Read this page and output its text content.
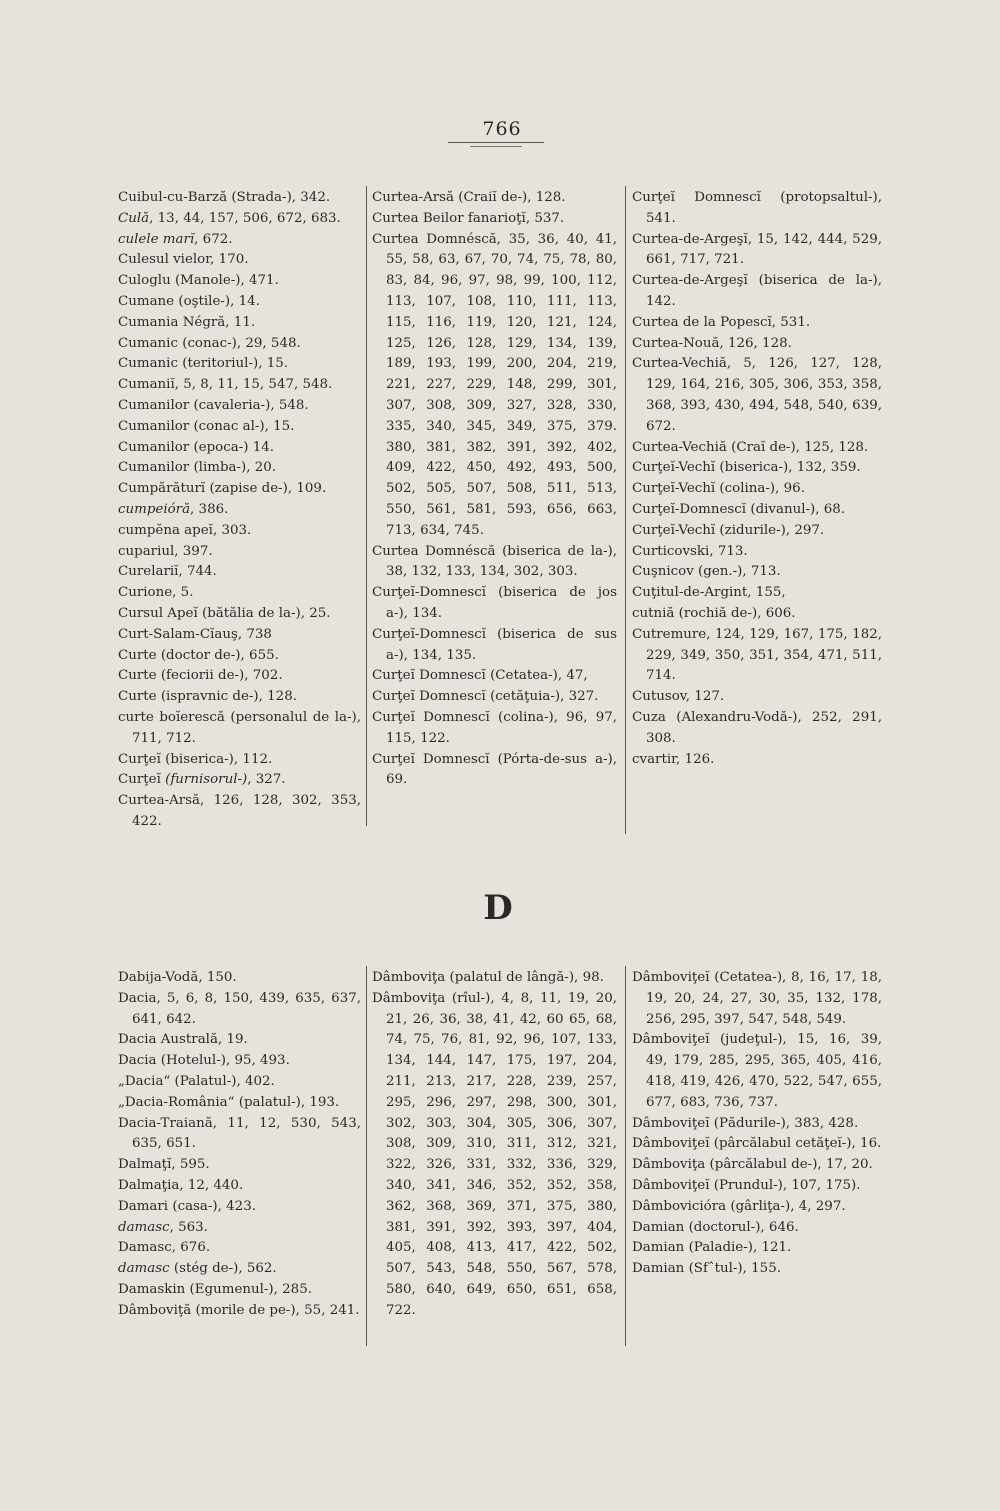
766
Cuibul-cu-Barză (Strada-), 342.
Culă, 13, 44, 157, 506, 672, 683.
culele marĭ, 672.
Culesul vielor, 170.
Culoglu (Manole-), 471.
Cumane (oştile-), 14.
Cumania Négră, 11.
Cumanic (conac-), 29, 548.
Cumanic (teritoriul-), 15.
Cumaniĭ, 5, 8, 11, 15, 547, 548.
Cumanilor (cavaleria-), 548.
Cumanilor (conac al-), 15.
Cumanilor (epoca-) 14.
Cumanilor (limba-), 20.
Cumpărăturĭ (zapise de-), 109.
cumpeióră, 386.
cumpĕna apeĭ, 303.
cupariul, 397.
Curelariĭ, 744.
Curione, 5.
Cursul Apeĭ (bătălia de la-), 25.
Curt-Salam-Cĭauş, 738
Curte (doctor de-), 655.
Curte (feciorii de-), 702.
Curte (ispravnic de-), 128.
curte boĭerescă (personalul de la-), 711, 712.
Curţeĭ (biserica-), 112.
Curţeĭ (furnisorul-), 327.
Curtea-Arsă, 126, 128, 302, 353, 422.
Curtea-Arsă (Craiĭ de-), 128.
Curtea Beilor fanarioţĭ, 537.
Curtea Domnéscă, 35, 36, 40, 41, 55, 58, 63, 67, 70, 74, 75, 78, 80, 83, 84, 96, 97, 98, 99, 100, 112, 113, 107, 108, 110, 111, 113, 115, 116, 119, 120, 121, 124, 125, 126, 128, 129, 134, 139, 189, 193, 199, 200, 204, 219, 221, 227, 229, 148, 299, 301, 307, 308, 309, 327, 328, 330, 335, 340, 345, 349, 375, 379. 380, 381, 382, 391, 392, 402, 409, 422, 450, 492, 493, 500, 502, 505, 507, 508, 511, 513, 550, 561, 581, 593, 656, 663, 713, 634, 745.
Curtea Domnéscă (biserica de la-), 38, 132, 133, 134, 302, 303.
Curţeĭ-Domnescĭ (biserica de jos a-), 134.
Curţeĭ-Domnescĭ (biserica de sus a-), 134, 135.
Curţeĭ Domnescĭ (Cetatea-), 47,
Curţeĭ Domnescĭ (cetăţuia-), 327.
Curţeĭ Domnescĭ (colina-), 96, 97, 115, 122.
Curţeĭ Domnescĭ (Pórta-de-sus a-), 69.
Curţeĭ Domnescĭ (protopsaltul-), 541.
Curtea-de-Argeşĭ, 15, 142, 444, 529, 661, 717, 721.
Curtea-de-Argeşĭ (biserica de la-), 142.
Curtea de la Popescĭ, 531.
Curtea-Nouă, 126, 128.
Curtea-Vechiă, 5, 126, 127, 128, 129, 164, 216, 305, 306, 353, 358, 368, 393, 430, 494, 548, 540, 639, 672.
Curtea-Vechiă (Craĭ de-), 125, 128.
Curţeĭ-Vechĭ (biserica-), 132, 359.
Curţeĭ-Vechĭ (colina-), 96.
Curţeĭ-Domnescĭ (divanul-), 68.
Curţeĭ-Vechĭ (zidurile-), 297.
Curticovski, 713.
Cuşnicov (gen.-), 713.
Cuţitul-de-Argint, 155,
cutniă (rochiă de-), 606.
Cutremure, 124, 129, 167, 175, 182, 229, 349, 350, 351, 354, 471, 511, 714.
Cutusov, 127.
Cuza (Alexandru-Vodă-), 252, 291, 308.
cvartir, 126.
D
Dabija-Vodă, 150.
Dacia, 5, 6, 8, 150, 439, 635, 637, 641, 642.
Dacia Australă, 19.
Dacia (Hotelul-), 95, 493.
„Dacia“ (Palatul-), 402.
„Dacia-România“ (palatul-), 193.
Dacia-Traiană, 11, 12, 530, 543, 635, 651.
Dalmaţĭ, 595.
Dalmaţia, 12, 440.
Damari (casa-), 423.
damasc, 563.
Damasc, 676.
damasc (stég de-), 562.
Damaskin (Egumenul-), 285.
Dâmboviţă (morile de pe-), 55, 241.
Dâmboviţa (palatul de lângă-), 98.
Dâmboviţa (rîul-), 4, 8, 11, 19, 20, 21, 26, 36, 38, 41, 42, 60 65, 68, 74, 75, 76, 81, 92, 96, 107, 133, 134, 144, 147, 175, 197, 204, 211, 213, 217, 228, 239, 257, 295, 296, 297, 298, 300, 301, 302, 303, 304, 305, 306, 307, 308, 309, 310, 311, 312, 321, 322, 326, 331, 332, 336, 329, 340, 341, 346, 352, 352, 358, 362, 368, 369, 371, 375, 380, 381, 391, 392, 393, 397, 404, 405, 408, 413, 417, 422, 502, 507, 543, 548, 550, 567, 578, 580, 640, 649, 650, 651, 658, 722.
Dâmboviţeĭ (Cetatea-), 8, 16, 17, 18, 19, 20, 24, 27, 30, 35, 132, 178, 256, 295, 397, 547, 548, 549.
Dâmboviţeĭ (judeţul-), 15, 16, 39, 49, 179, 285, 295, 365, 405, 416, 418, 419, 426, 470, 522, 547, 655, 677, 683, 736, 737.
Dâmboviţeĭ (Pădurile-), 383, 428.
Dâmboviţeĭ (pârcălabul cetăţeĭ-), 16.
Dâmboviţa (pârcălabul de-), 17, 20.
Dâmboviţeĭ (Prundul-), 107, 175).
Dâmboviciόra (gârliţa-), 4, 297.
Damian (doctorul-), 646.
Damian (Paladie-), 121.
Damian (Sfˆtul-), 155.
